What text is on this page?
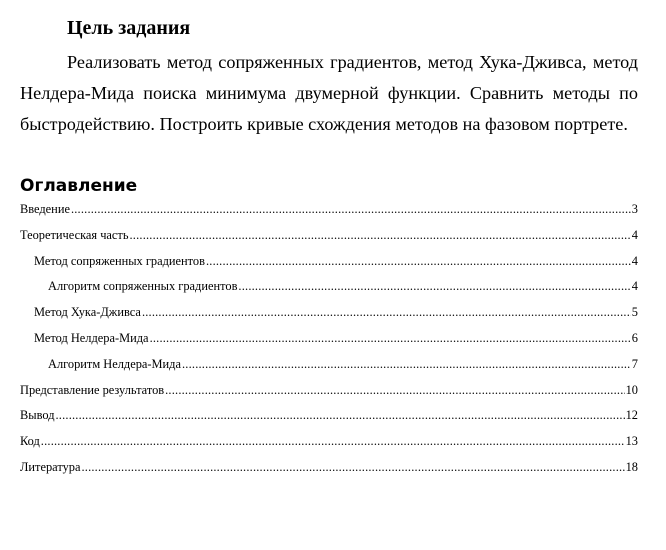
Цель задания

Реализовать метод сопряженных градиентов, метод Хука-Дживса, метод
Нелдера-Мида поиска минимума двумерной функции. Сравнить методы по
быстродействию. Построить кривые схождения методов на фазовом портрете.

Оглавление
Введение .....	3
Теоретическая часть .....	4
Метод сопряженных градиентов .....	4
Алгоритм сопряженных градиентов .....	4
Метод Хука-Дживса .....	5
Метод Нелдера-Мида .....	6
Алгоритм Нелдера-Мида .....	7
Представление результатов .....	10
Вывод .....	12
Код .....	13
Литература .....	18
